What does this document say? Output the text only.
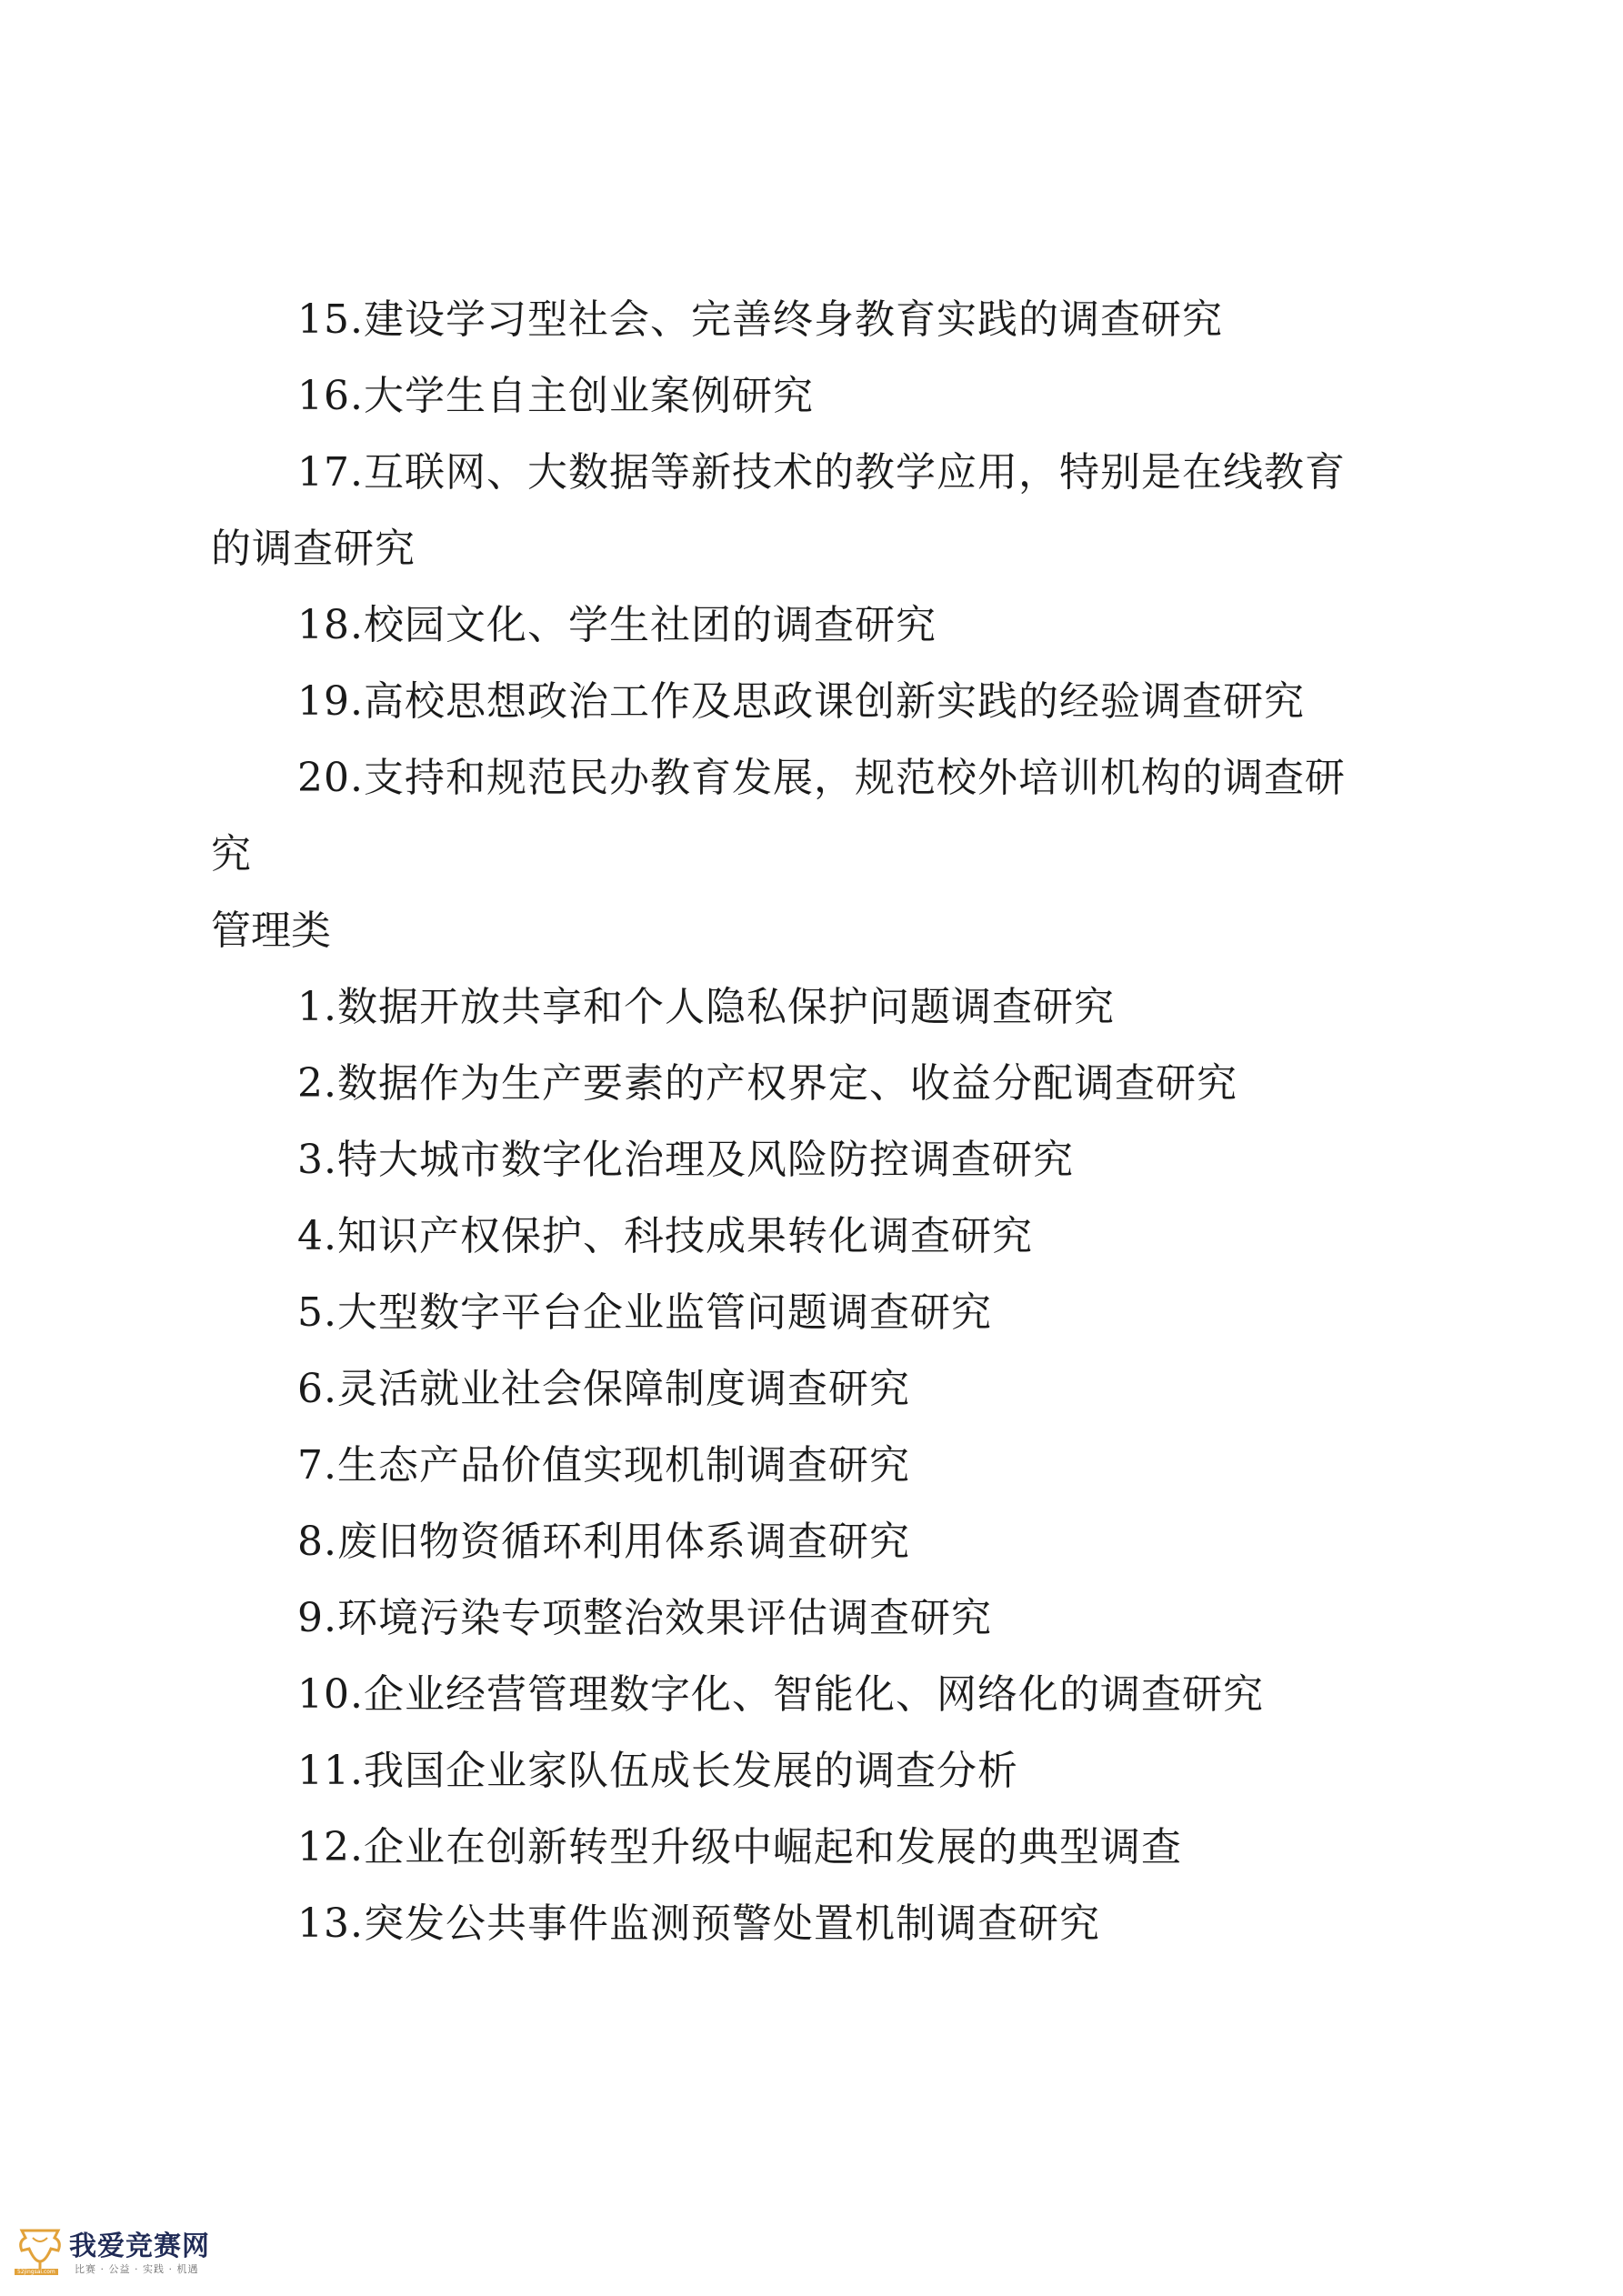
15.建设学习型社会、完善终身教育实践的调查研究
16.大学生自主创业案例研究
17.互联网、大数据等新技术的教学应用，特别是在线教育
的调查研究
18.校园文化、学生社团的调查研究
19.高校思想政治工作及思政课创新实践的经验调查研究
20.支持和规范民办教育发展，规范校外培训机构的调查研
究
管理类
1.数据开放共享和个人隐私保护问题调查研究
2.数据作为生产要素的产权界定、收益分配调查研究
3.特大城市数字化治理及风险防控调查研究
4.知识产权保护、科技成果转化调查研究
5.大型数字平台企业监管问题调查研究
6.灵活就业社会保障制度调查研究
7.生态产品价值实现机制调查研究
8.废旧物资循环利用体系调查研究
9.环境污染专项整治效果评估调查研究
10.企业经营管理数字化、智能化、网络化的调查研究
11.我国企业家队伍成长发展的调查分析
12.企业在创新转型升级中崛起和发展的典型调查
13.突发公共事件监测预警处置机制调查研究
52jingsai.com
我爱竞赛网
比赛 · 公益 · 实践 · 机遇
